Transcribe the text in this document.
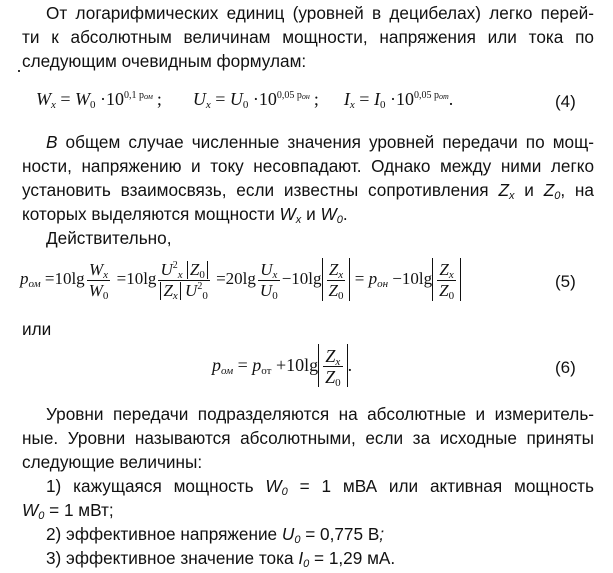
От логарифмических единиц (уровней в децибелах) легко перей-
ти к абсолютным величинам мощности, напряжения или тока по
следующим очевидным формулам:
$W_x = W_0 \cdot 10^{0,1 p_{ом}}$ ; $U_x = U_0 \cdot 10^{0,05 p_{он}}$ ; $I_x = I_0 \cdot 10^{0,05 p_{от}}$.	(4)
В общем случае численные значения уровней передачи по мощ-
ности, напряжению и току несовпадают. Однако между ними легко
установить взаимосвязь, если известны сопротивления $Z_x$ и $Z_0$, на
которых выделяются мощности $W_x$ и $W_0$.
Действительно,
$p_{ом} =10\lg \frac{W_x}{W_0} =10\lg \frac{U^2_x Z_0}{Z_x U^2_0} =20\lg \frac{U_x}{U_0} -10\lg \frac{Z_x}{Z_0} = p_{он} -10\lg \frac{Z_x}{Z_0}$	(5)
или
$p_{ом} = p_{от} +10\lg \frac{Z_x}{Z_0}$ .	(6)
Уровни передачи подразделяются на абсолютные и измеритель-
ные. Уровни называются абсолютными, если за исходные приняты
следующие величины:
1) кажущаяся мощность $W_0 = 1$ мВА или активная мощность
$W_0 = 1$ мВт;
2) эффективное напряжение $U_0 = 0,775$ В;
3) эффективное значение тока $I_0 = 1,29$ мА.
